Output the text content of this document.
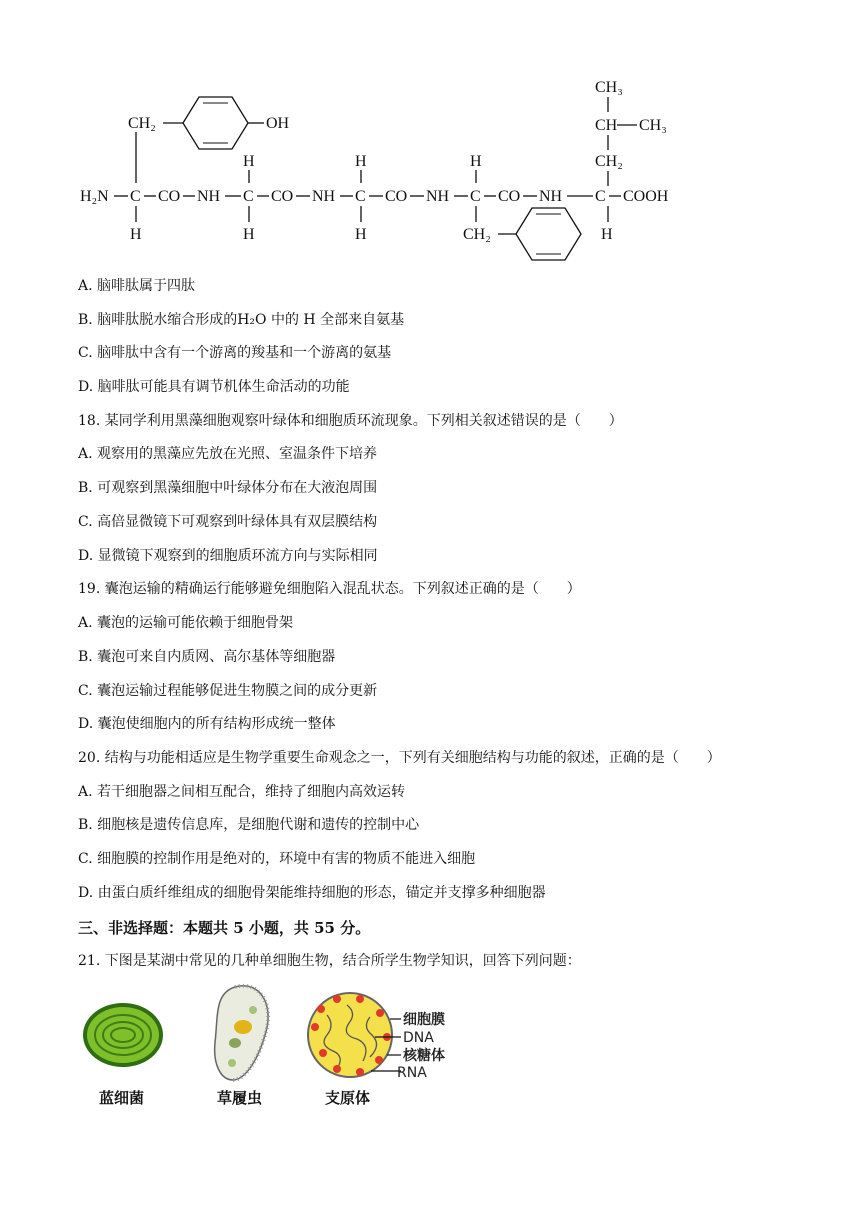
CH₃
CH CH₃
CH₂
CH₂	OH
H	H	H
H₂N C CO NH C CO NH C CO NH C CO NH C COOH
H	H	H	H
CH₂
A. 脑啡肽属于四肽
B. 脑啡肽脱水缩合形成的H₂O 中的 H 全部来自氨基
C. 脑啡肽中含有一个游离的羧基和一个游离的氨基
D. 脑啡肽可能具有调节机体生命活动的功能
18. 某同学利用黑藻细胞观察叶绿体和细胞质环流现象。下列相关叙述错误的是（　　）
A. 观察用的黑藻应先放在光照、室温条件下培养
B. 可观察到黑藻细胞中叶绿体分布在大液泡周围
C. 高倍显微镜下可观察到叶绿体具有双层膜结构
D. 显微镜下观察到的细胞质环流方向与实际相同
19. 囊泡运输的精确运行能够避免细胞陷入混乱状态。下列叙述正确的是（　　）
A. 囊泡的运输可能依赖于细胞骨架
B. 囊泡可来自内质网、高尔基体等细胞器
C. 囊泡运输过程能够促进生物膜之间的成分更新
D. 囊泡使细胞内的所有结构形成统一整体
20. 结构与功能相适应是生物学重要生命观念之一，下列有关细胞结构与功能的叙述，正确的是（　　）
A. 若干细胞器之间相互配合，维持了细胞内高效运转
B. 细胞核是遗传信息库，是细胞代谢和遗传的控制中心
C. 细胞膜的控制作用是绝对的，环境中有害的物质不能进入细胞
D. 由蛋白质纤维组成的细胞骨架能维持细胞的形态，锚定并支撑多种细胞器
三、非选择题：本题共 5 小题，共 55 分。
21. 下图是某湖中常见的几种单细胞生物，结合所学生物学知识，回答下列问题：
蓝细菌	草履虫
细胞膜
DNA
核糖体
RNA
支原体
